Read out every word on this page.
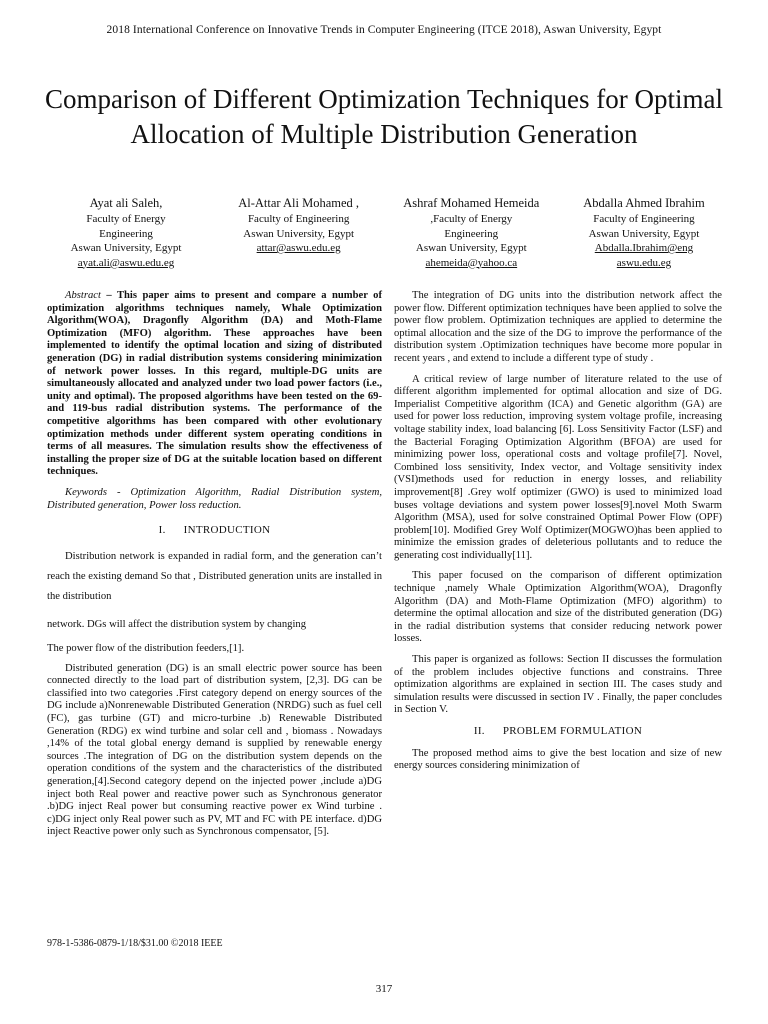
2018 International Conference on Innovative Trends in Computer Engineering (ITCE 2018), Aswan University, Egypt
Comparison of Different Optimization Techniques for Optimal Allocation of Multiple Distribution Generation
Ayat ali Saleh,
Faculty of Energy
Engineering
Aswan University, Egypt
ayat.ali@aswu.edu.eg
Al-Attar Ali Mohamed ,
Faculty of Engineering
Aswan University, Egypt
attar@aswu.edu.eg
Ashraf Mohamed Hemeida
,Faculty of Energy
Engineering
Aswan University, Egypt
ahemeida@yahoo.ca
Abdalla Ahmed Ibrahim
Faculty of Engineering
Aswan University, Egypt
Abdalla.Ibrahim@eng
aswu.edu.eg

Abstract – This paper aims to present and compare a number of optimization algorithms techniques namely, Whale Optimization Algorithm(WOA), Dragonfly Algorithm (DA) and Moth-Flame Optimization (MFO) algorithm. These approaches have been implemented to identify the optimal location and sizing of distributed generation (DG) in radial distribution systems considering minimization of network power losses. In this regard, multiple-DG units are simultaneously allocated and analyzed under two load power factors (i.e., unity and optimal). The proposed algorithms have been tested on the 69- and 119-bus radial distribution systems. The performance of the competitive algorithms has been compared with other evolutionary optimization methods under different system operating conditions in terms of all measures. The simulation results show the effectiveness of installing the proper size of DG at the suitable location based on different techniques.

Keywords - Optimization Algorithm, Radial Distribution system, Distributed generation, Power loss reduction.

I. INTRODUCTION

Distribution network is expanded in radial form, and the generation can’t reach the existing demand So that , Distributed generation units are installed in the distribution

network. DGs will affect the distribution system by changing

The power flow of the distribution feeders,[1].

Distributed generation (DG) is an small electric power source has been connected directly to the load part of distribution system, [2,3]. DG can be classified into two categories .First category depend on energy sources of the DG include a)Nonrenewable Distributed Generation (NRDG) such as fuel cell (FC), gas turbine (GT) and micro-turbine .b) Renewable Distributed Generation (RDG) ex wind turbine and solar cell and , biomass . Nowadays ,14% of the total global energy demand is supplied by renewable energy sources .The integration of DG on the distribution system depends on the operation conditions of the system and the characteristics of the distributed generation,[4].Second category depend on the injected power ,include a)DG inject both Real power and reactive power such as Synchronous generator .b)DG inject Real power but consuming reactive power ex Wind turbine . c)DG inject only Real power such as PV, MT and FC with PE interface. d)DG inject Reactive power only such as Synchronous compensator, [5].

The integration of DG units into the distribution network affect the power flow. Different optimization techniques have been applied to solve the power flow problem. Optimization techniques are applied to determine the optimal allocation and the size of the DG to improve the performance of the distribution system .Optimization techniques have become more popular in recent years , and extend to include a different type of study .

A critical review of large number of literature related to the use of different algorithm implemented for optimal allocation and size of DG. Imperialist Competitive algorithm (ICA) and Genetic algorithm (GA) are used for power loss reduction, improving system voltage profile, increasing voltage stability index, load balancing [6]. Loss Sensitivity Factor (LSF) and the Bacterial Foraging Optimization Algorithm (BFOA) are used for minimizing power loss, operational costs and voltage profile[7]. Novel, Combined loss sensitivity, Index vector, and Voltage sensitivity index (VSI)methods used for reduction in energy losses, and reliability improvement[8] .Grey wolf optimizer (GWO) is used to minimized load buses voltage deviations and system power losses[9].novel Moth Swarm Algorithm (MSA), used for solve constrained Optimal Power Flow (OPF) problem[10]. Modified Grey Wolf Optimizer(MOGWO)has been applied to minimize the emission grades of deleterious pollutants and to reduce the generating cost individually[11].

This paper focused on the comparison of different optimization technique ,namely Whale Optimization Algorithm(WOA), Dragonfly Algorithm (DA) and Moth-Flame Optimization (MFO) algorithm) to determine the optimal allocation and size of the distributed generation (DG) in the radial distribution systems that consider reducing network power losses.

This paper is organized as follows: Section II discusses the formulation of the problem includes objective functions and constrains. Three optimization algorithms are explained in section III. The cases study and simulation results were discussed in section IV . Finally, the paper concludes in Section V.

II. PROBLEM FORMULATION

The proposed method aims to give the best location and size of new energy sources considering minimization of

978-1-5386-0879-1/18/$31.00 ©2018 IEEE
317
